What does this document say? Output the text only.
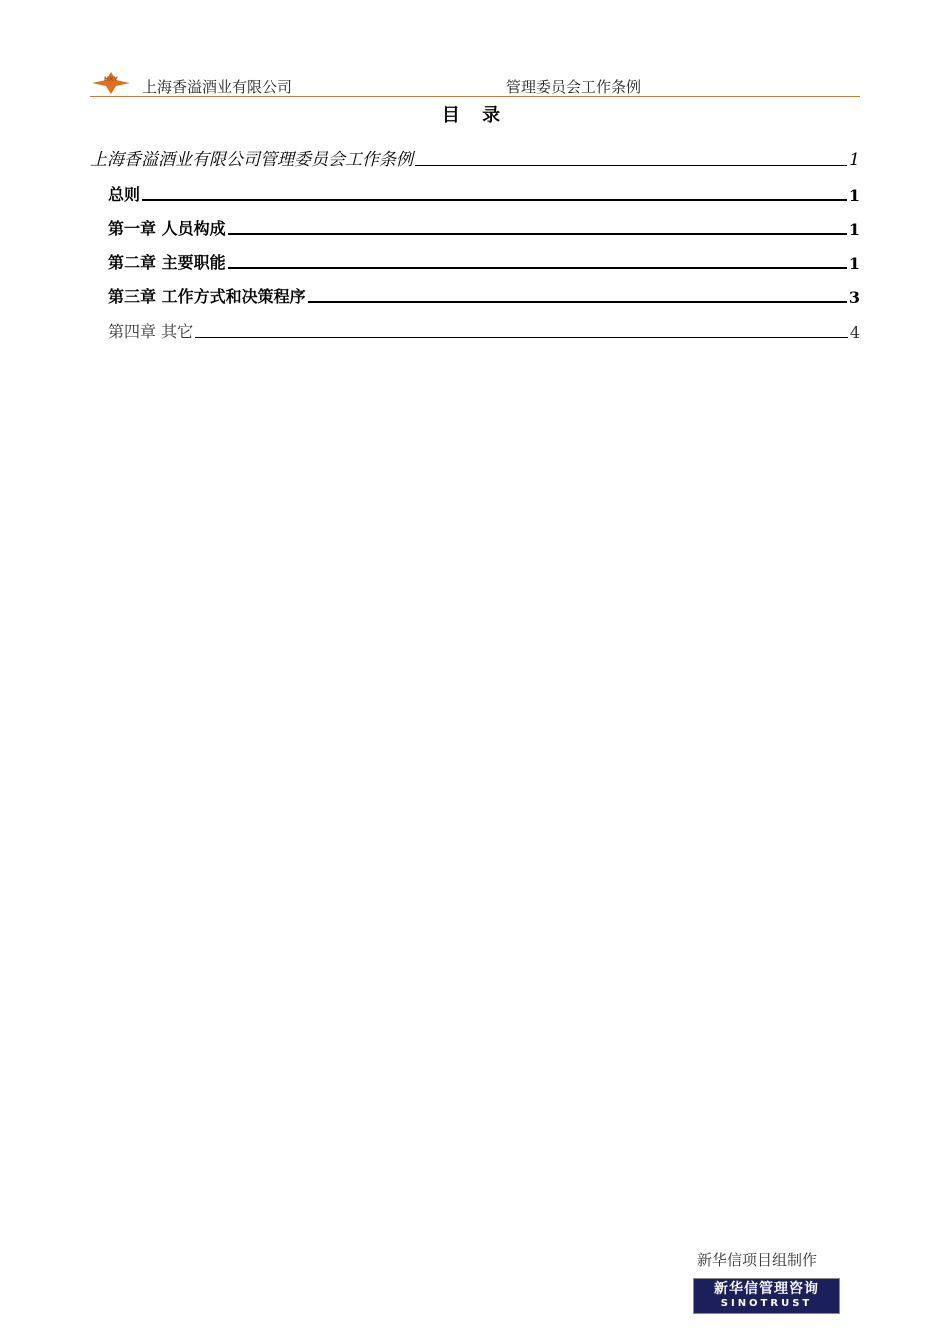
HXY 上海香溢酒业有限公司	管理委员会工作条例
目 录
上海香溢酒业有限公司管理委员会工作条例	1
总则	1
第一章 人员构成	1
第二章 主要职能	1
第三章 工作方式和决策程序	3
第四章 其它	4
新华信项目组制作
新华信管理咨询
SINOTRUST
